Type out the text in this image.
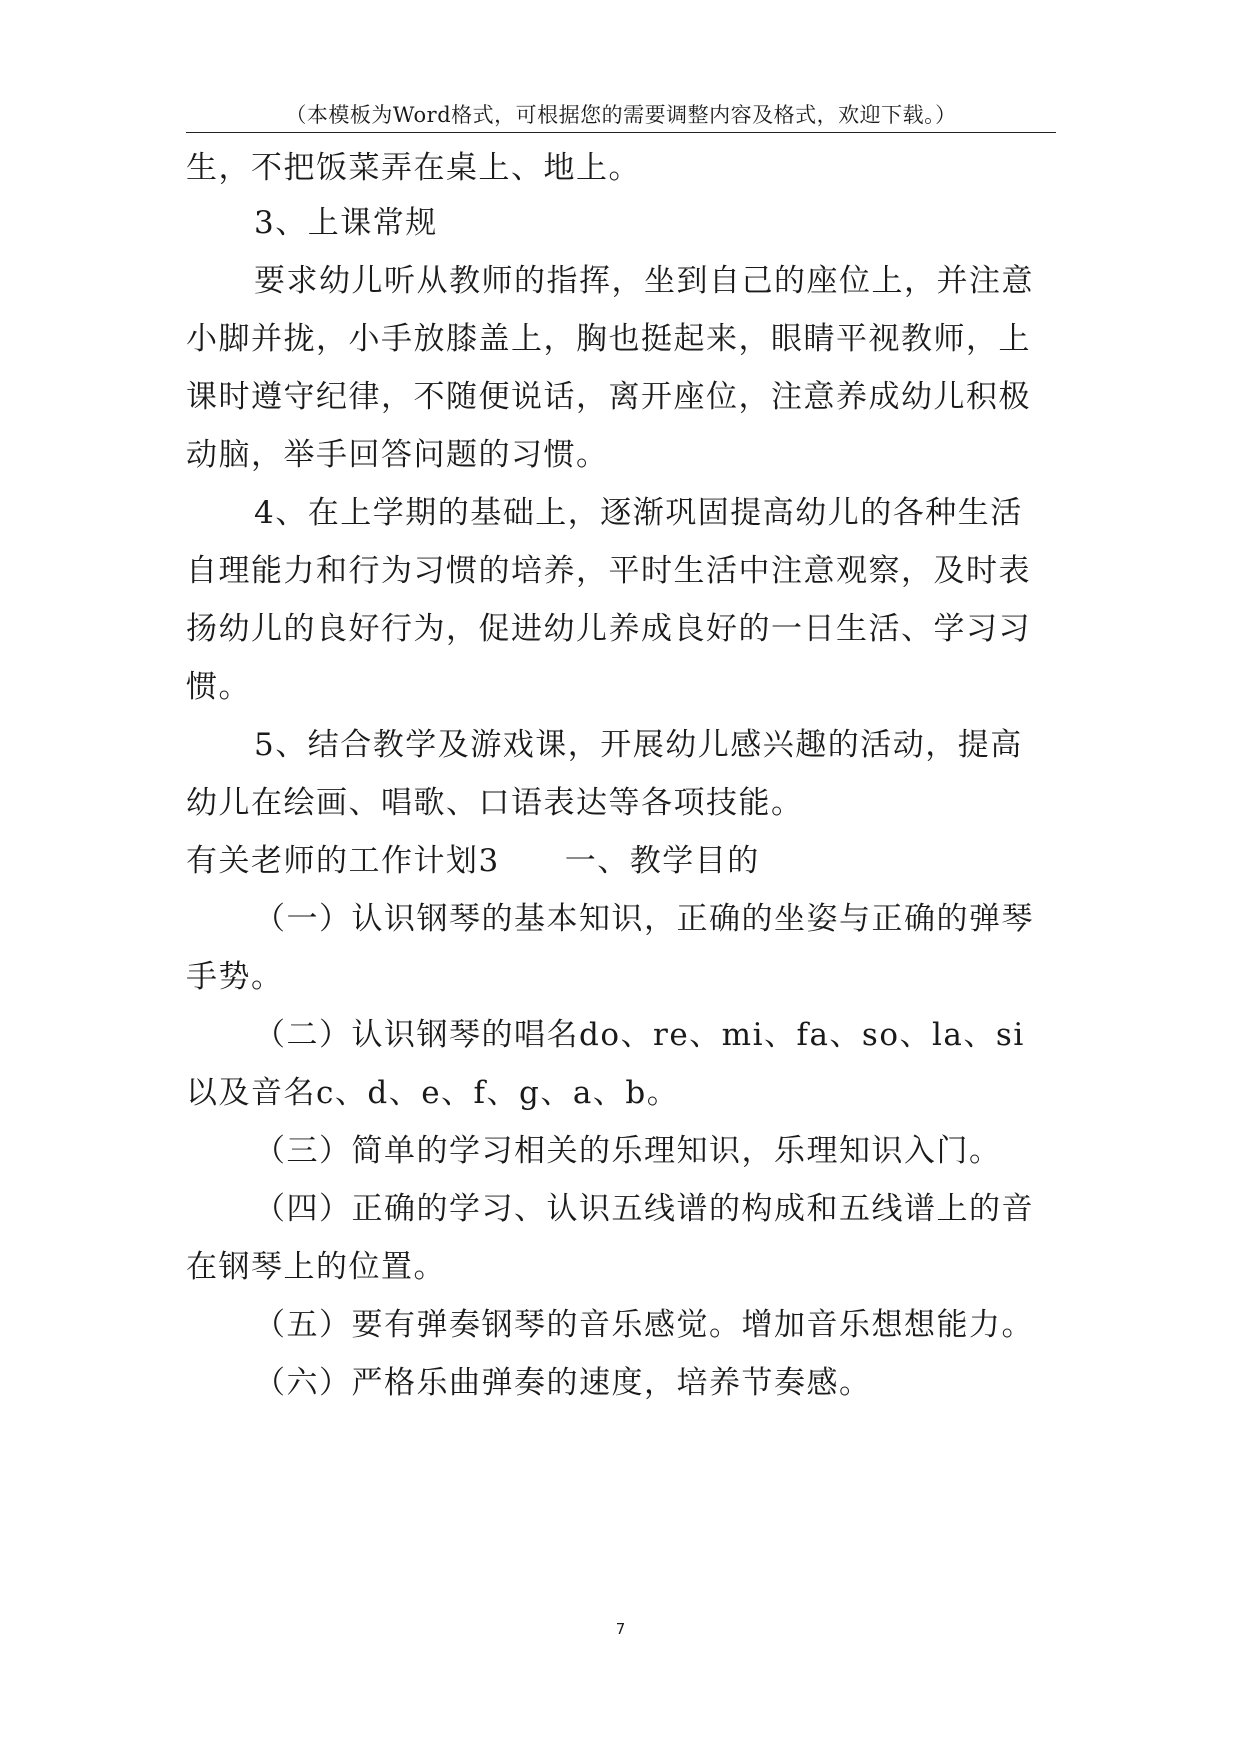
（本模板为Word格式，可根据您的需要调整内容及格式，欢迎下载。）
生，不把饭菜弄在桌上、地上。
3、上课常规
要求幼儿听从教师的指挥，坐到自己的座位上，并注意
小脚并拢，小手放膝盖上，胸也挺起来，眼睛平视教师，上
课时遵守纪律，不随便说话，离开座位，注意养成幼儿积极
动脑，举手回答问题的习惯。
4、在上学期的基础上，逐渐巩固提高幼儿的各种生活
自理能力和行为习惯的培养，平时生活中注意观察，及时表
扬幼儿的良好行为，促进幼儿养成良好的一日生活、学习习
惯。
5、结合教学及游戏课，开展幼儿感兴趣的活动，提高
幼儿在绘画、唱歌、口语表达等各项技能。
有关老师的工作计划3　　一、教学目的
（一）认识钢琴的基本知识，正确的坐姿与正确的弹琴
手势。
（二）认识钢琴的唱名do、re、mi、fa、so、la、si
以及音名c、d、e、f、g、a、b。
（三）简单的学习相关的乐理知识，乐理知识入门。
（四）正确的学习、认识五线谱的构成和五线谱上的音
在钢琴上的位置。
（五）要有弹奏钢琴的音乐感觉。增加音乐想想能力。
（六）严格乐曲弹奏的速度，培养节奏感。
7
